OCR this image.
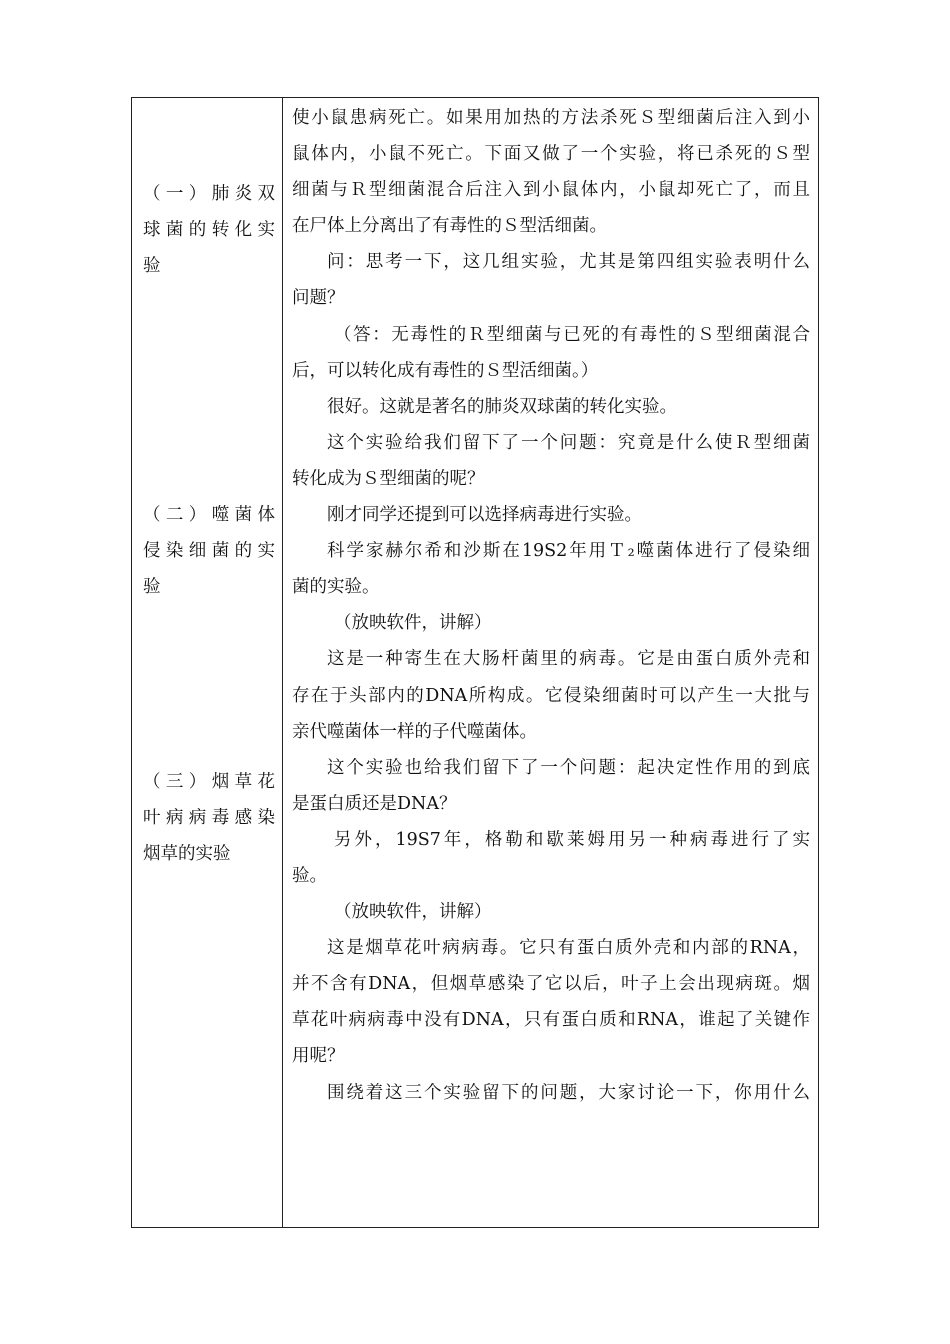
（一）肺炎双
球菌的转化实
验
（二）噬菌体
侵染细菌的实
验
（三）烟草花
叶病病毒感染
烟草的实验
使小鼠患病死亡。如果用加热的方法杀死Ｓ型细菌后注入到小
鼠体内，小鼠不死亡。下面又做了一个实验，将已杀死的Ｓ型
细菌与Ｒ型细菌混合后注入到小鼠体内，小鼠却死亡了，而且
在尸体上分离出了有毒性的Ｓ型活细菌。
问：思考一下，这几组实验，尤其是第四组实验表明什么
问题？
（答：无毒性的Ｒ型细菌与已死的有毒性的Ｓ型细菌混合
后，可以转化成有毒性的Ｓ型活细菌。）
很好。这就是著名的肺炎双球菌的转化实验。
这个实验给我们留下了一个问题：究竟是什么使Ｒ型细菌
转化成为Ｓ型细菌的呢？
刚才同学还提到可以选择病毒进行实验。
科学家赫尔希和沙斯在19S2年用Ｔ₂噬菌体进行了侵染细
菌的实验。
（放映软件，讲解）
这是一种寄生在大肠杆菌里的病毒。它是由蛋白质外壳和
存在于头部内的DNA所构成。它侵染细菌时可以产生一大批与
亲代噬菌体一样的子代噬菌体。
这个实验也给我们留下了一个问题：起决定性作用的到底
是蛋白质还是DNA？
另外，19S7年，格勒和歇莱姆用另一种病毒进行了实
验。
（放映软件，讲解）
这是烟草花叶病病毒。它只有蛋白质外壳和内部的RNA，
并不含有DNA，但烟草感染了它以后，叶子上会出现病斑。烟
草花叶病病毒中没有DNA，只有蛋白质和RNA，谁起了关键作
用呢？
围绕着这三个实验留下的问题，大家讨论一下，你用什么
